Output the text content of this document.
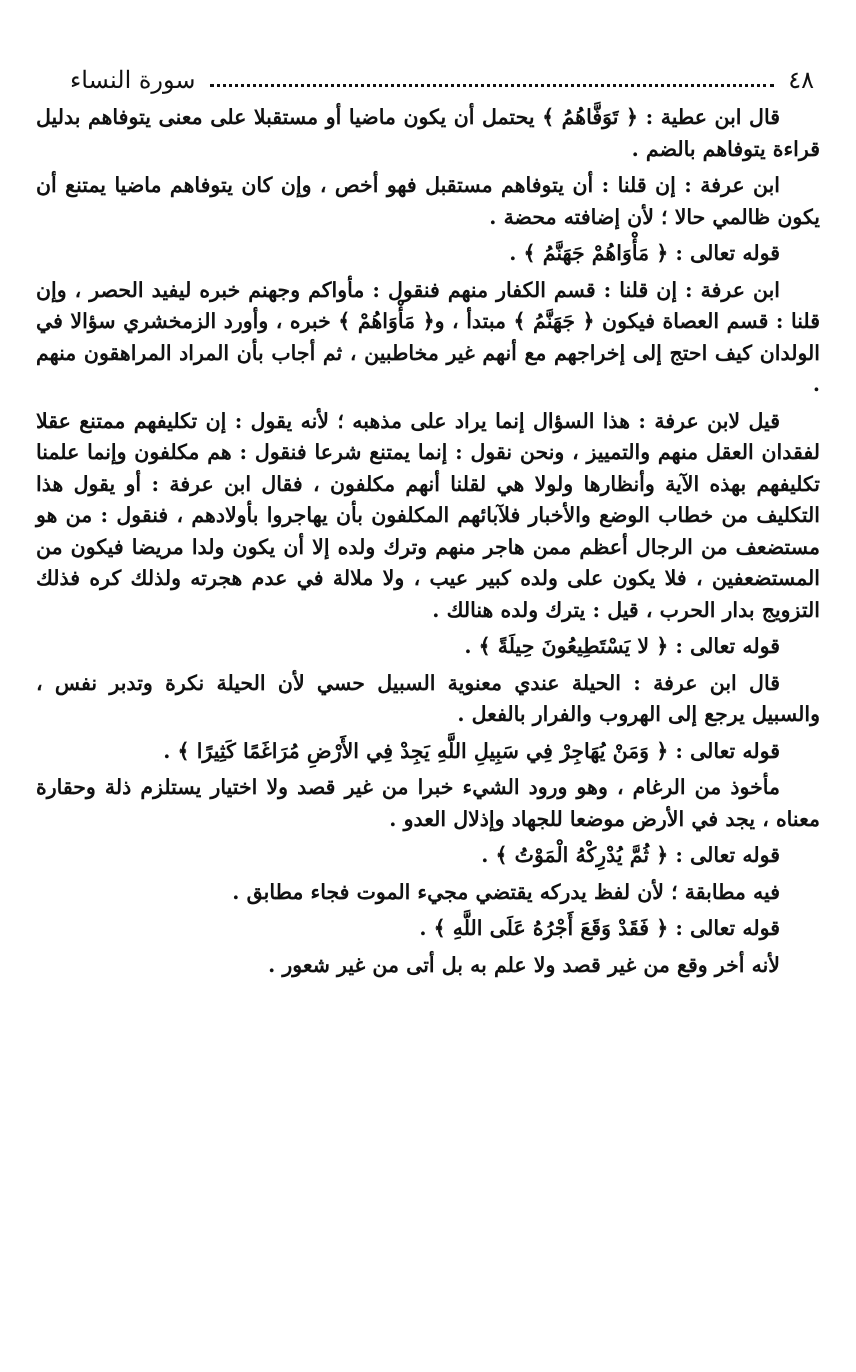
٤٨
سورة النساء

قال ابن عطية : ﴿ تَوَفَّاهُمُ ﴾ يحتمل أن يكون ماضيا أو مستقبلا على معنى يتوفاهم بدليل قراءة يتوفاهم بالضم .

ابن عرفة : إن قلنا : أن يتوفاهم مستقبل فهو أخص ، وإن كان يتوفاهم ماضيا يمتنع أن يكون ظالمي حالا ؛ لأن إضافته محضة .

قوله تعالى : ﴿ مَأْوَاهُمْ جَهَنَّمُ ﴾ .

ابن عرفة : إن قلنا : قسم الكفار منهم فنقول : مأواكم وجهنم خبره ليفيد الحصر ، وإن قلنا : قسم العصاة فيكون ﴿ جَهَنَّمُ ﴾ مبتدأ ، و﴿ مَأْوَاهُمْ ﴾ خبره ، وأورد الزمخشري سؤالا في الولدان كيف احتج إلى إخراجهم مع أنهم غير مخاطبين ، ثم أجاب بأن المراد المراهقون منهم .

قيل لابن عرفة : هذا السؤال إنما يراد على مذهبه ؛ لأنه يقول : إن تكليفهم ممتنع عقلا لفقدان العقل منهم والتمييز ، ونحن نقول : إنما يمتنع شرعا فنقول : هم مكلفون وإنما علمنا تكليفهم بهذه الآية وأنظارها ولولا هي لقلنا أنهم مكلفون ، فقال ابن عرفة : أو يقول هذا التكليف من خطاب الوضع والأخبار فلآبائهم المكلفون بأن يهاجروا بأولادهم ، فنقول : من هو مستضعف من الرجال أعظم ممن هاجر منهم وترك ولده إلا أن يكون ولدا مريضا فيكون من المستضعفين ، فلا يكون على ولده كبير عيب ، ولا ملالة في عدم هجرته ولذلك كره فذلك التزويج بدار الحرب ، قيل : يترك ولده هنالك .

قوله تعالى : ﴿ لا يَسْتَطِيعُونَ حِيلَةً ﴾ .

قال ابن عرفة : الحيلة عندي معنوية السبيل حسي لأن الحيلة نكرة وتدبر نفس ، والسبيل يرجع إلى الهروب والفرار بالفعل .

قوله تعالى : ﴿ وَمَنْ يُهَاجِرْ فِي سَبِيلِ اللَّهِ يَجِدْ فِي الأَرْضِ مُرَاغَمًا كَثِيرًا ﴾ .

مأخوذ من الرغام ، وهو ورود الشيء خبرا من غير قصد ولا اختيار يستلزم ذلة وحقارة معناه ، يجد في الأرض موضعا للجهاد وإذلال العدو .

قوله تعالى : ﴿ ثُمَّ يُدْرِكْهُ الْمَوْتُ ﴾ .

فيه مطابقة ؛ لأن لفظ يدركه يقتضي مجيء الموت فجاء مطابق .

قوله تعالى : ﴿ فَقَدْ وَقَعَ أَجْرُهُ عَلَى اللَّهِ ﴾ .

لأنه أخر وقع من غير قصد ولا علم به بل أتى من غير شعور .
